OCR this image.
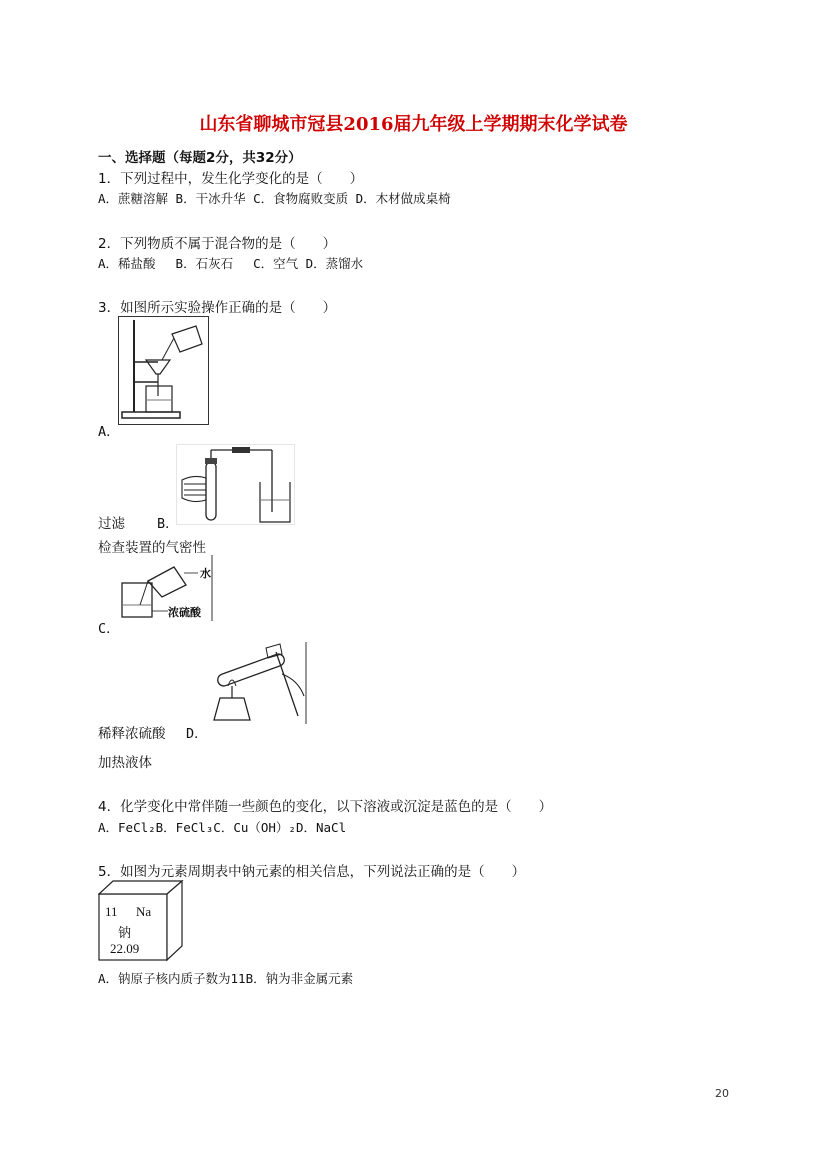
山东省聊城市冠县2016届九年级上学期期末化学试卷
一、选择题（每题2分，共32分）
1．下列过程中，发生化学变化的是（　　）
A．蔗糖溶解 B．干冰升华 C．食物腐败变质 D．木材做成桌椅
2．下列物质不属于混合物的是（　　）
A．稀盐酸　 B．石灰石　 C．空气 D．蒸馏水
3．如图所示实验操作正确的是（　　）
A．
过滤 B．
检查装置的气密性
水
浓硫酸
C．
稀释浓硫酸 D．
加热液体
4．化学变化中常伴随一些颜色的变化，以下溶液或沉淀是蓝色的是（　　）
A．FeCl₂B．FeCl₃C．Cu（OH）₂D．NaCl
5．如图为元素周期表中钠元素的相关信息，下列说法正确的是（　　）
11 Na
钠
22.09
A．钠原子核内质子数为11B．钠为非金属元素
20
